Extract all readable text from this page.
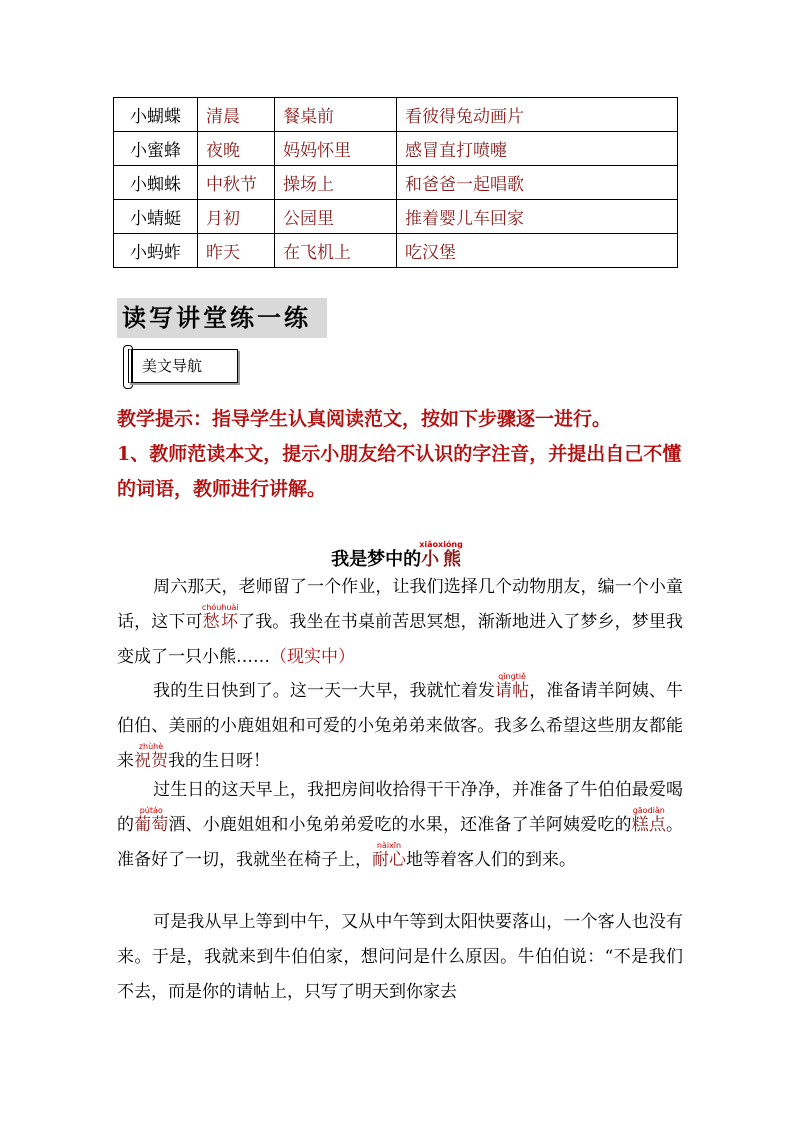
小蝴蝶	清晨	餐桌前	看彼得兔动画片
小蜜蜂	夜晚	妈妈怀里	感冒直打喷嚏
小蜘蛛	中秋节	操场上	和爸爸一起唱歌
小蜻蜓	月初	公园里	推着婴儿车回家
小蚂蚱	昨天	在飞机上	吃汉堡
读写讲堂练一练
美文导航
教学提示：指导学生认真阅读范文，按如下步骤逐一进行。
1、教师范读本文，提示小朋友给不认识的字注音，并提出自己不懂的词语，教师进行讲解。
我是梦中的小熊xiǎoxióng
周六那天，老师留了一个作业，让我们选择几个动物朋友，编一个小童话，这下可愁坏chóuhuài了我。我坐在书桌前苦思冥想，渐渐地进入了梦乡，梦里我变成了一只小熊……（现实中）
我的生日快到了。这一天一大早，我就忙着发请帖qǐngtiě，准备请羊阿姨、牛伯伯、美丽的小鹿姐姐和可爱的小兔弟弟来做客。我多么希望这些朋友都能来祝贺zhùhè我的生日呀！
过生日的这天早上，我把房间收拾得干干净净，并准备了牛伯伯最爱喝的葡萄pútáo酒、小鹿姐姐和小兔弟弟爱吃的水果，还准备了羊阿姨爱吃的糕点gāodiǎn。准备好了一切，我就坐在椅子上，耐心nàixīn地等着客人们的到来。
可是我从早上等到中午，又从中午等到太阳快要落山，一个客人也没有来。于是，我就来到牛伯伯家，想问问是什么原因。牛伯伯说：“不是我们不去，而是你的请帖上，只写了明天到你家去
